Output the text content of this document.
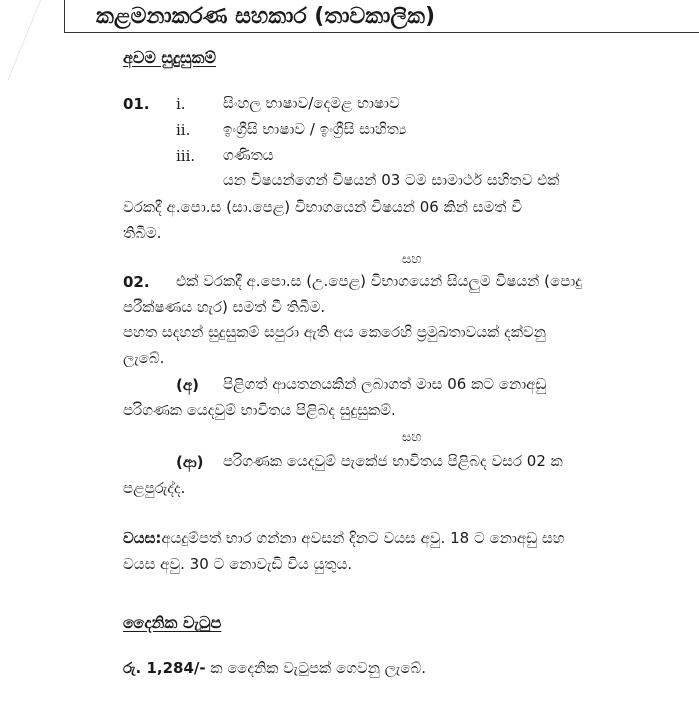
කළමනාකරණ සහකාර (තාවකාලික)
අවම සුදුසුකම්
01. i. සිංහල භාෂාව/දෙමළ භාෂාව
ii. ඉංග්‍රීසි භාෂාව / ඉංග්‍රීසි සාහිත්‍ය
iii. ගණිතය
යන විෂයන්ගෙන් විෂයන් 03 ටම සාමාර්ථ සහිතව එක්
වරකදී අ.පො.ස (සා.පෙළ) විභාගයෙන් විෂයන් 06 කින් සමත් වී
තිබීම.
සහ
02. එක් වරකදී අ.පො.ස (උ.පෙළ) විභාගයෙන් සියලුම විෂයන් (පොදු
පරීක්ෂණය හැර) සමත් වී තිබීම.
පහත සදහන් සුදුසුකම් සපුරා ඇති අය කෙරෙහි ප්‍රමුඛතාවයක් දක්වනු
ලැබේ.
(අ) පිළිගත් ආයතනයකින් ලබාගත් මාස 06 කට නොඅඩු
පරිගණක යෙදවුම් භාවිතය පිළිබද සුදුසුකම්.
සහ
(ආ) පරිගණක යෙදවුම් පැකේජ භාවිතය පිළිබද වසර 02 ක
පළපුරුද්ද.
වයස:අයදුම්පත් භාර ගන්නා අවසන් දිනට වයස අවු. 18 ට නොඅඩු සහ
වයස අවු. 30 ට නොවැඩි විය යුතුය.
දෛනික වැටුප
රු. 1,284/- ක දෛනික වැටුපක් ගෙවනු ලැබේ.
